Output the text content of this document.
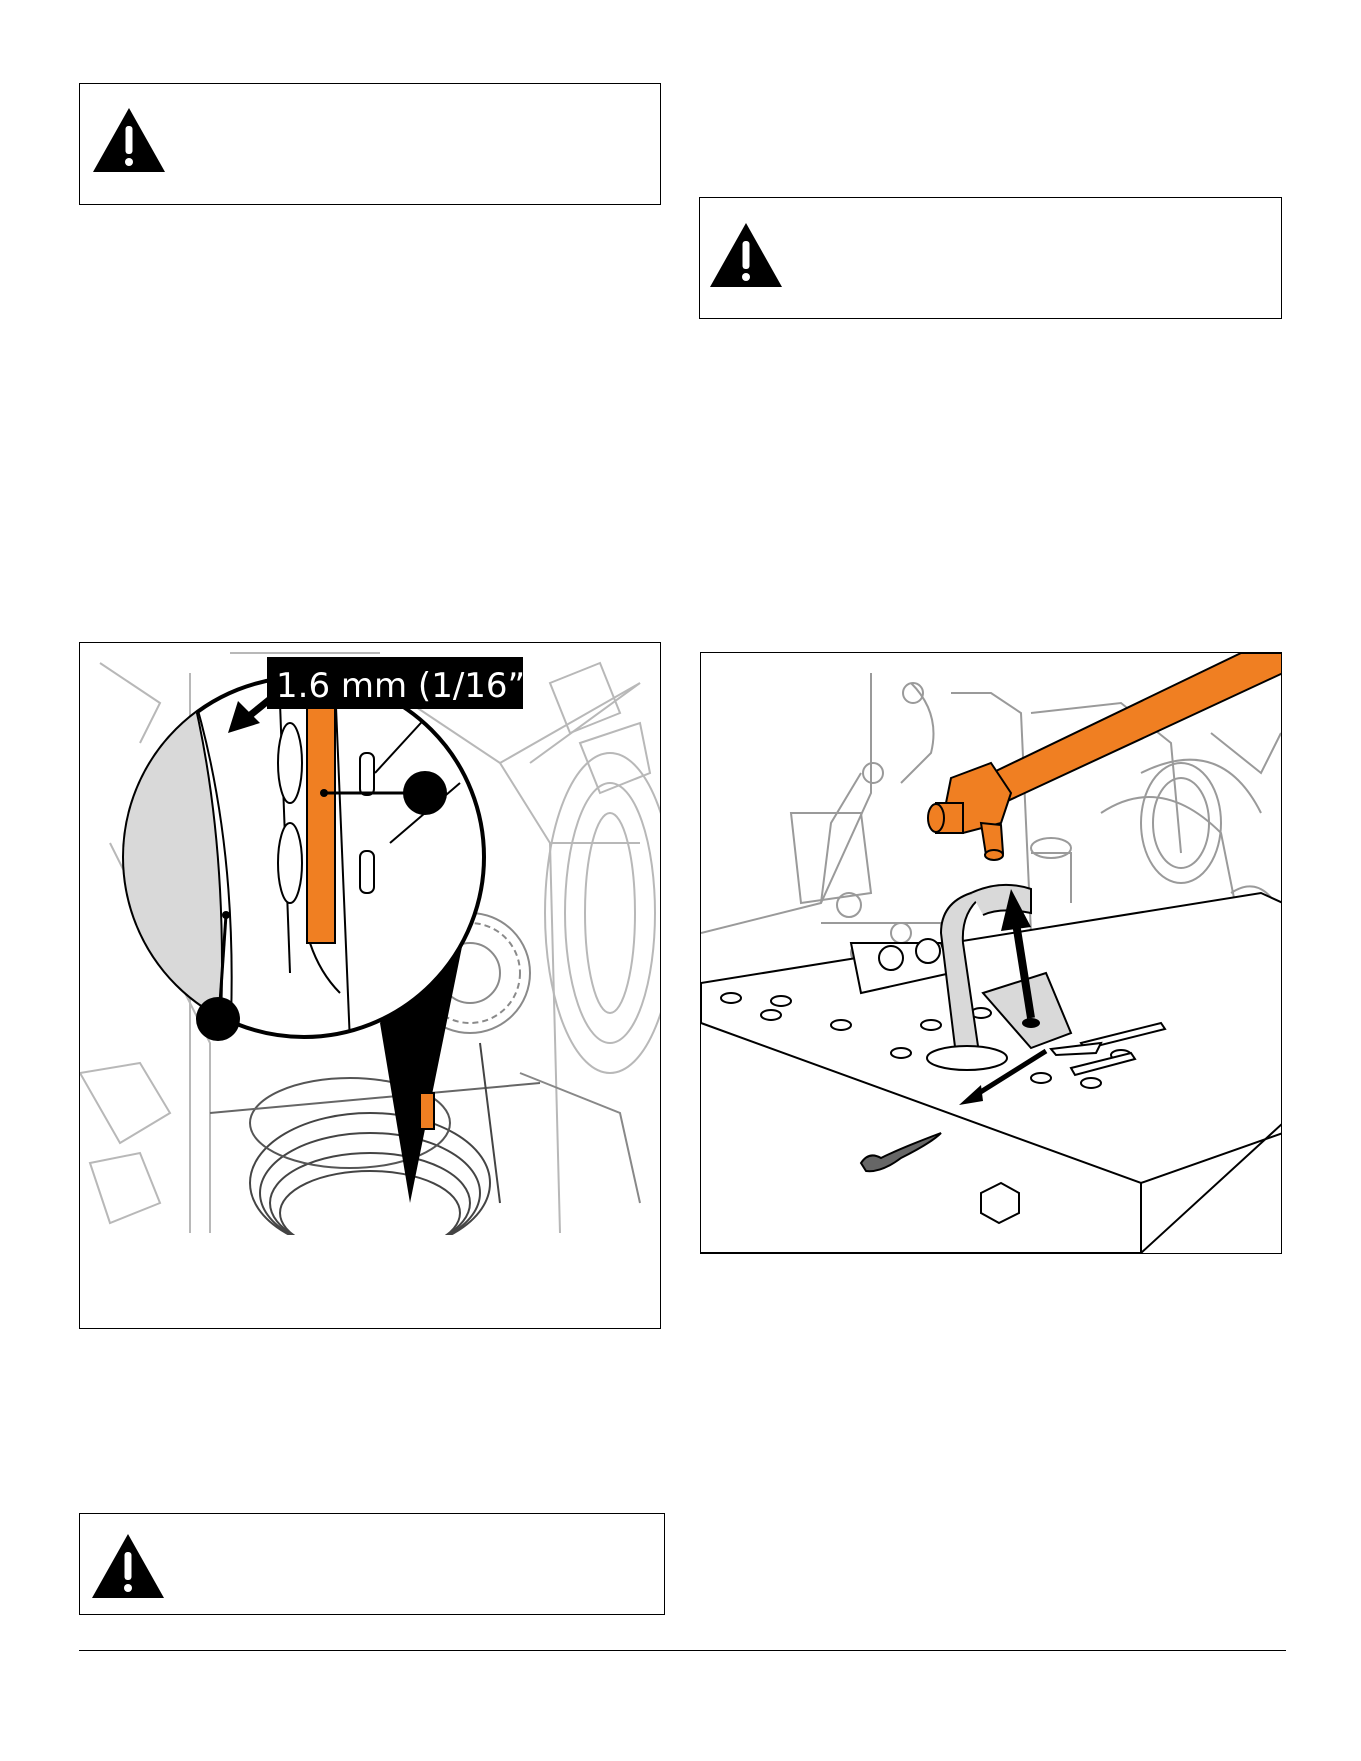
1.6 mm (1/16”)
